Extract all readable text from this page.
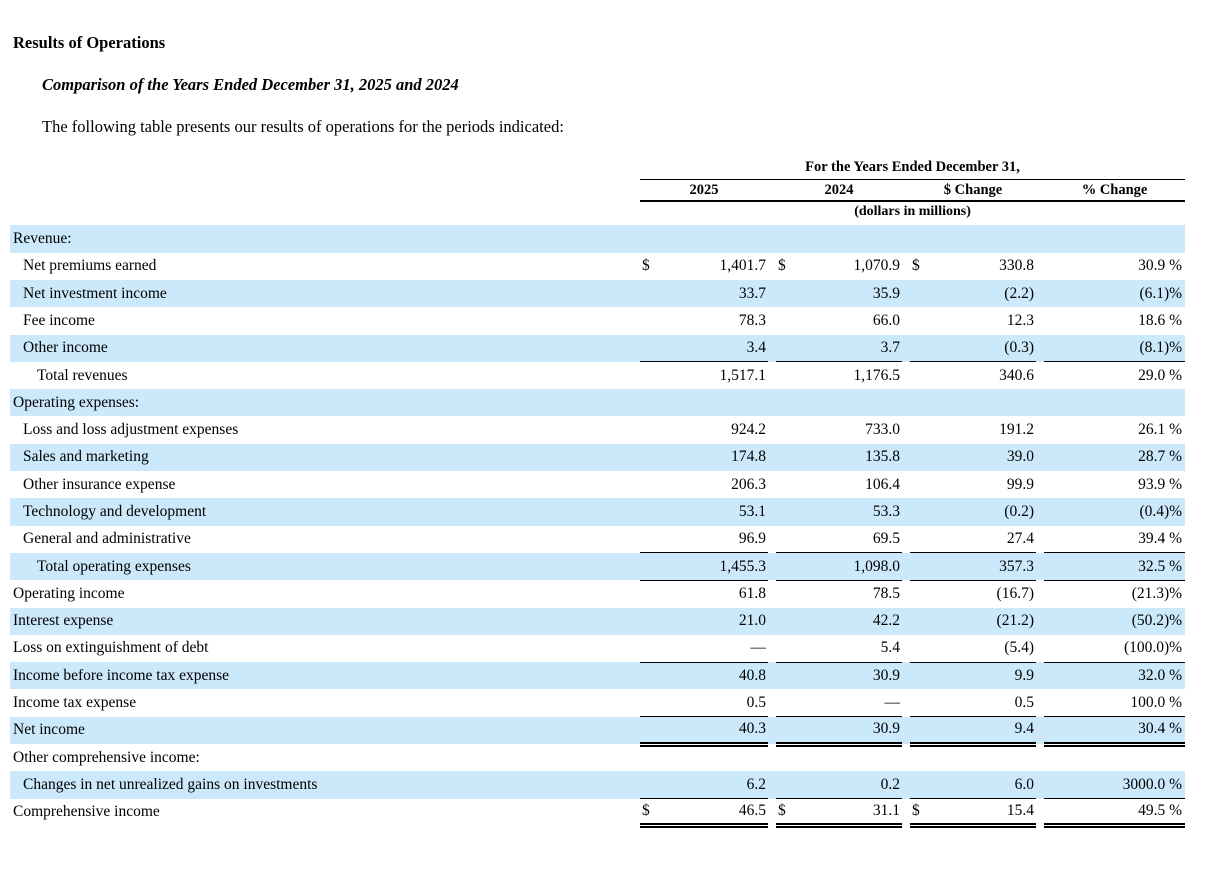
Results of Operations
Comparison of the Years Ended December 31, 2025 and 2024
The following table presents our results of operations for the periods indicated:
	For the Years Ended December 31,						
	2025		2024		$ Change		% Change
	(dollars in millions)						
Revenue:							
Net premiums earned	$ 1,401.7		$ 1,070.9		$ 330.8		30.9 %
Net investment income	33.7		35.9		(2.2)		(6.1)%
Fee income	78.3		66.0		12.3		18.6 %
Other income	3.4		3.7		(0.3)		(8.1)%
Total revenues	1,517.1		1,176.5		340.6		29.0 %
Operating expenses:							
Loss and loss adjustment expenses	924.2		733.0		191.2		26.1 %
Sales and marketing	174.8		135.8		39.0		28.7 %
Other insurance expense	206.3		106.4		99.9		93.9 %
Technology and development	53.1		53.3		(0.2)		(0.4)%
General and administrative	96.9		69.5		27.4		39.4 %
Total operating expenses	1,455.3		1,098.0		357.3		32.5 %
Operating income	61.8		78.5		(16.7)		(21.3)%
Interest expense	21.0		42.2		(21.2)		(50.2)%
Loss on extinguishment of debt	—		5.4		(5.4)		(100.0)%
Income before income tax expense	40.8		30.9		9.9		32.0 %
Income tax expense	0.5		—		0.5		100.0 %
Net income	40.3		30.9		9.4		30.4 %
Other comprehensive income:							
Changes in net unrealized gains on investments	6.2		0.2		6.0		3000.0 %
Comprehensive income	$ 46.5		$ 31.1		$ 15.4		49.5 %
